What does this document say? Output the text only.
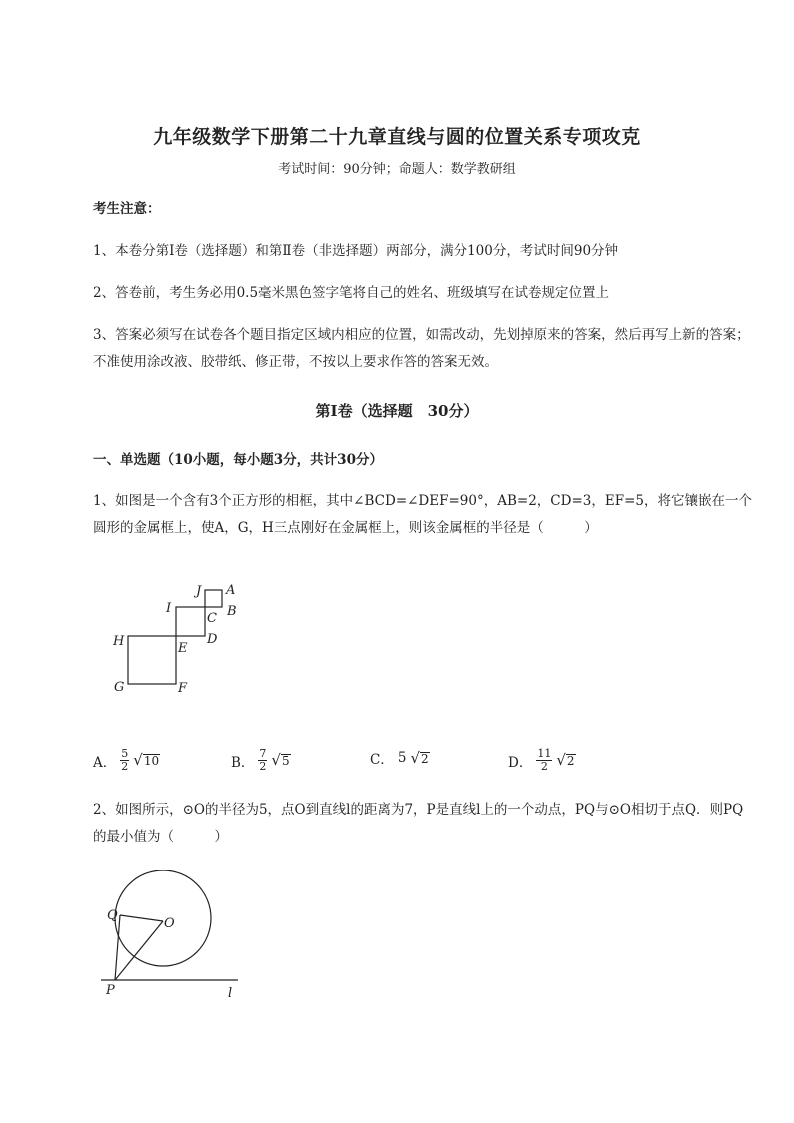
九年级数学下册第二十九章直线与圆的位置关系专项攻克
考试时间：90分钟；命题人：数学教研组
考生注意：
1、本卷分第I卷（选择题）和第Ⅱ卷（非选择题）两部分，满分100分，考试时间90分钟
2、答卷前，考生务必用0.5毫米黑色签字笔将自己的姓名、班级填写在试卷规定位置上
3、答案必须写在试卷各个题目指定区域内相应的位置，如需改动，先划掉原来的答案，然后再写上新的答案；不准使用涂改液、胶带纸、修正带，不按以上要求作答的答案无效。
第I卷（选择题　30分）
一、单选题（10小题，每小题3分，共计30分）
1、如图是一个含有3个正方形的相框，其中∠BCD=∠DEF=90°，AB=2，CD=3，EF=5，将它镶嵌在一个圆形的金属框上，使A，G，H三点刚好在金属框上，则该金属框的半径是（　　　）
J A
I	B
C
H	E
D
G	F
A． $\frac{5}{2}$ √ 10	B． $\frac{7}{2}$ √ 5	C． 5 √ 2	D． $\frac{11}{2}$ √ 2
2、如图所示，⊙O的半径为5，点O到直线l的距离为7，P是直线l上的一个动点，PQ与⊙O相切于点Q．则PQ的最小值为（　　　）
Q
O
P	l
